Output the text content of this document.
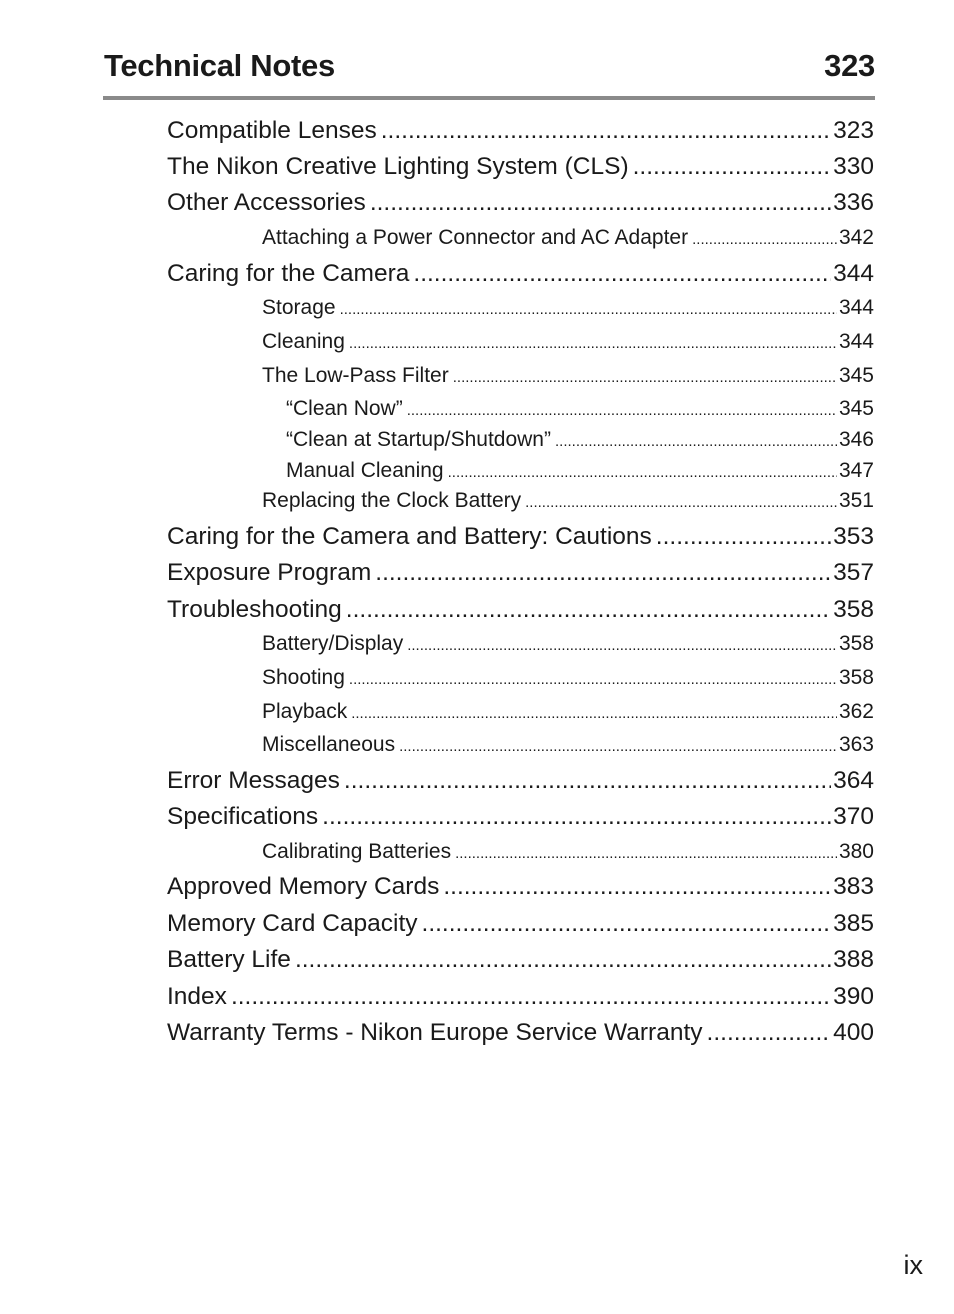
Technical Notes	323
Compatible Lenses .....	323
The Nikon Creative Lighting System (CLS) .....	330
Other Accessories .....	336
Attaching a Power Connector and AC Adapter .....	342
Caring for the Camera .....	344
Storage .....	344
Cleaning .....	344
The Low-Pass Filter .....	345
“Clean Now” .....	345
“Clean at Startup/Shutdown” .....	346
Manual Cleaning .....	347
Replacing the Clock Battery .....	351
Caring for the Camera and Battery: Cautions .....	353
Exposure Program .....	357
Troubleshooting .....	358
Battery/Display .....	358
Shooting .....	358
Playback .....	362
Miscellaneous .....	363
Error Messages .....	364
Specifications .....	370
Calibrating Batteries .....	380
Approved Memory Cards .....	383
Memory Card Capacity .....	385
Battery Life .....	388
Index .....	390
Warranty Terms - Nikon Europe Service Warranty .....	400
ix
